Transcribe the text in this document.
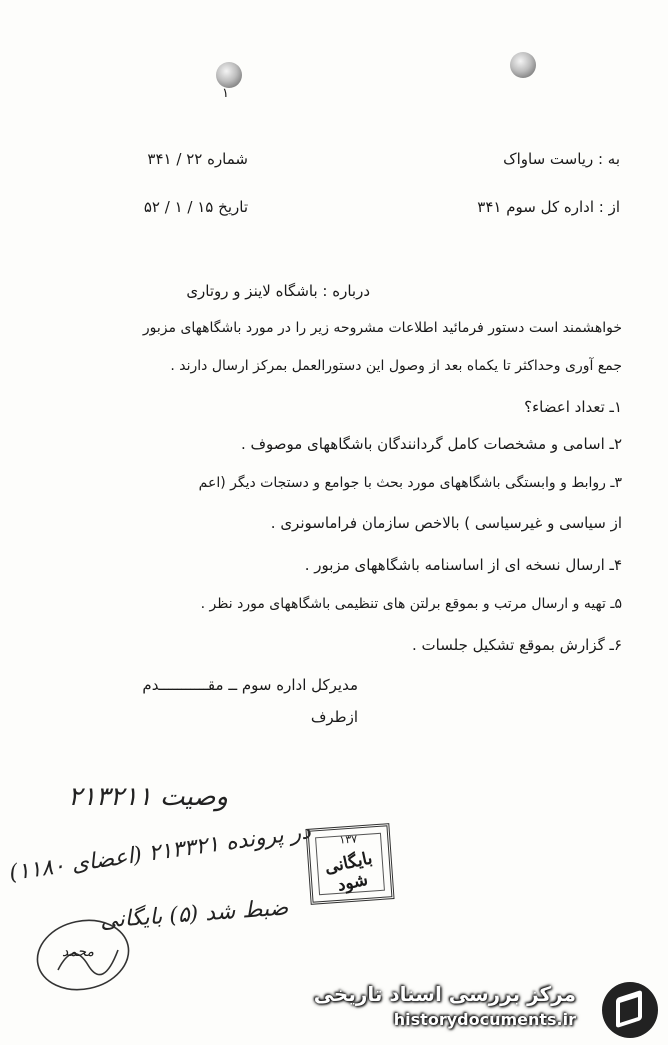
۱
به : ریاست ساواک
شماره ۲۲ / ۳۴۱
از : اداره کل سوم ۳۴۱
تاریخ ۱۵ / ۱ / ۵۲
درباره : باشگاه لاینز و روتاری
خواهشمند است دستور فرمائید اطلاعات مشروحه زیر را در مورد باشگاههای مزبور
جمع آوری وحداکثر تا یکماه بعد از وصول این دستورالعمل بمرکز ارسال دارند .
۱ـ تعداد اعضاء؟
۲ـ اسامی و مشخصات کامل گردانندگان باشگاههای موصوف .
۳ـ روابط و وابستگی باشگاههای مورد بحث با جوامع و دستجات دیگر (اعم
از سیاسی و غیرسیاسی ) بالاخص سازمان فراماسونری .
۴ـ ارسال نسخه ای از اساسنامه باشگاههای مزبور .
۵ـ تهیه و ارسال مرتب و بموقع برلتن های تنظیمی باشگاههای مورد نظر .
۶ـ گزارش بموقع تشکیل جلسات .
مدیرکل اداره سوم ــ مقـــــــــــدم
ازطرف
وصیت ۲۱۳۲۱۱
در پرونده ۲۱۳۳۲۱ (اعضای ۱۱۸۰)
ضبط شد (۵) بایگانی
محمد
۱۳۷
بایگانی شود
مرکز بررسی اسناد تاریخی
historydocuments.ir
